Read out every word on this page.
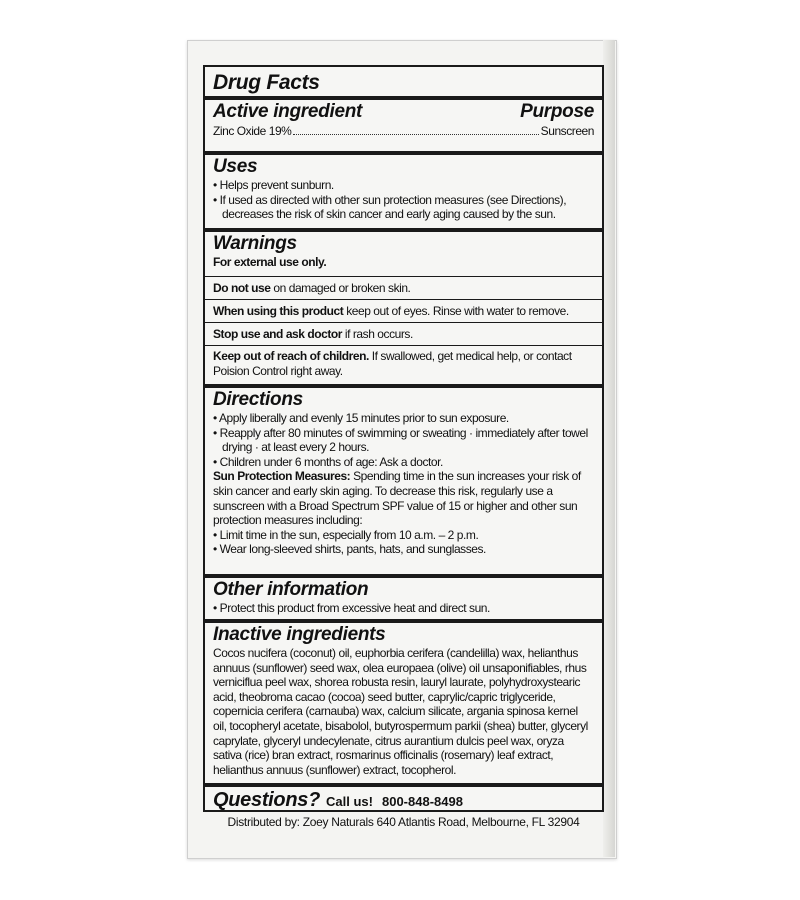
Drug Facts
Active ingredient	Purpose
Zinc Oxide 19%	Sunscreen
Uses
• Helps prevent sunburn.
• If used as directed with other sun protection measures (see Directions), decreases the risk of skin cancer and early aging caused by the sun.
Warnings
For external use only.
Do not use on damaged or broken skin.
When using this product keep out of eyes. Rinse with water to remove.
Stop use and ask doctor if rash occurs.
Keep out of reach of children. If swallowed, get medical help, or contact Poision Control right away.
Directions
• Apply liberally and evenly 15 minutes prior to sun exposure.
• Reapply after 80 minutes of swimming or sweating · immediately after towel drying · at least every 2 hours.
• Children under 6 months of age: Ask a doctor.
Sun Protection Measures: Spending time in the sun increases your risk of skin cancer and early skin aging. To decrease this risk, regularly use a sunscreen with a Broad Spectrum SPF value of 15 or higher and other sun protection measures including:
• Limit time in the sun, especially from 10 a.m. – 2 p.m.
• Wear long-sleeved shirts, pants, hats, and sunglasses.
Other information
• Protect this product from excessive heat and direct sun.
Inactive ingredients
Cocos nucifera (coconut) oil, euphorbia cerifera (candelilla) wax, helianthus annuus (sunflower) seed wax, olea europaea (olive) oil unsaponifiables, rhus verniciflua peel wax, shorea robusta resin, lauryl laurate, polyhydroxystearic acid, theobroma cacao (cocoa) seed butter, caprylic/capric triglyceride, copernicia cerifera (carnauba) wax, calcium silicate, argania spinosa kernel oil, tocopheryl acetate, bisabolol, butyrospermum parkii (shea) butter, glyceryl caprylate, glyceryl undecylenate, citrus aurantium dulcis peel wax, oryza sativa (rice) bran extract, rosmarinus officinalis (rosemary) leaf extract, helianthus annuus (sunflower) extract, tocopherol.
Questions? Call us! 800-848-8498
Distributed by: Zoey Naturals 640 Atlantis Road, Melbourne, FL 32904
